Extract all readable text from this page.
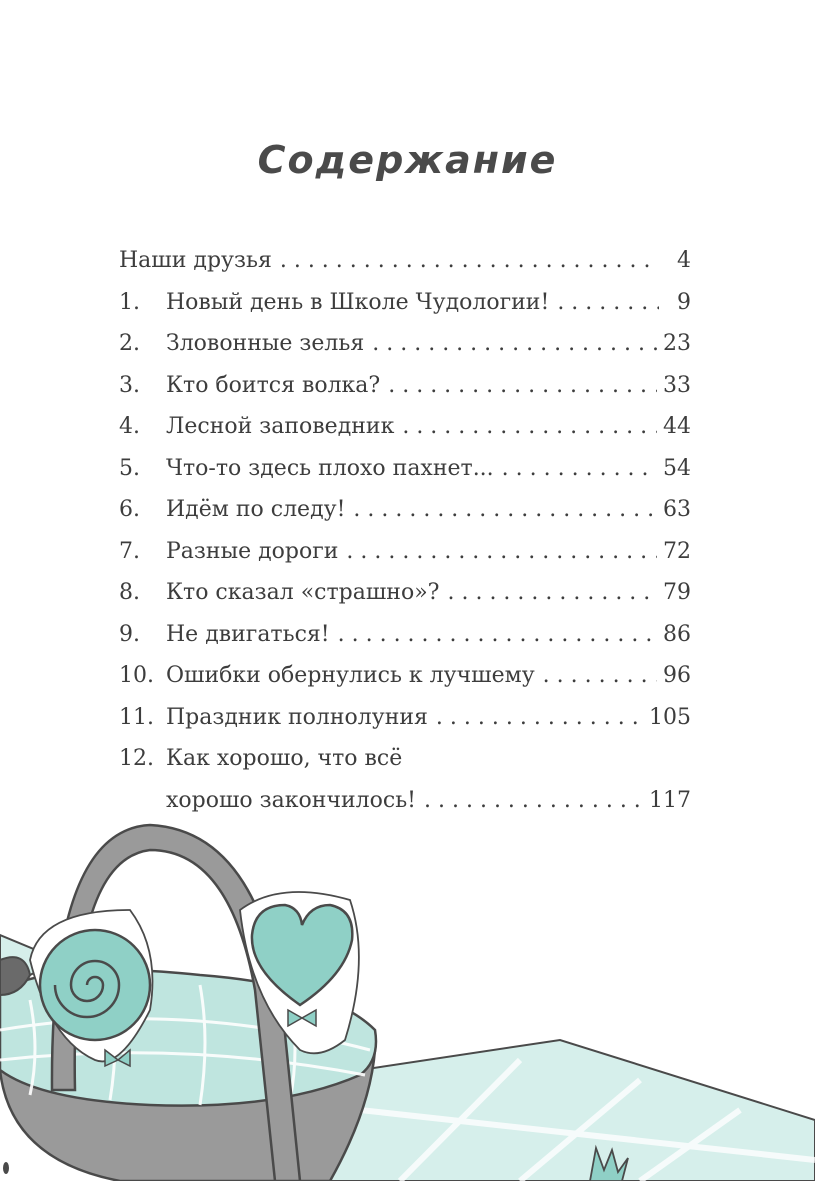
Содержание
Наши друзья . . .	4
1.	Новый день в Школе Чудологии! . . .	9
2.	Зловонные зелья . . .	23
3.	Кто боится волка? . . .	33
4.	Лесной заповедник . . .	44
5.	Что-то здесь плохо пахнет... . . .	54
6.	Идём по следу! . . .	63
7.	Разные дороги . . .	72
8.	Кто сказал «страшно»? . . .	79
9.	Не двигаться! . . .	86
10. Ошибки обернулись к лучшему . . .	96
11. Праздник полнолуния . . .	105
12. Как хорошо, что всё
хорошо закончилось! . . .	117
